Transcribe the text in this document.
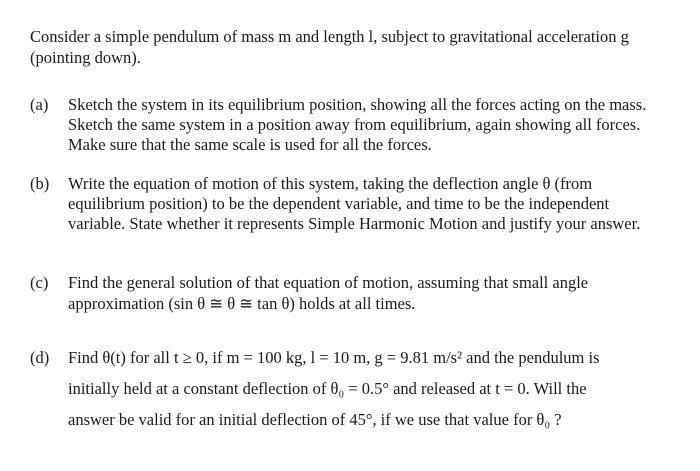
Consider a simple pendulum of mass m and length l, subject to gravitational acceleration g
(pointing down).
(a) Sketch the system in its equilibrium position, showing all the forces acting on the mass.
Sketch the same system in a position away from equilibrium, again showing all forces.
Make sure that the same scale is used for all the forces.
(b) Write the equation of motion of this system, taking the deflection angle θ (from
equilibrium position) to be the dependent variable, and time to be the independent
variable. State whether it represents Simple Harmonic Motion and justify your answer.
(c) Find the general solution of that equation of motion, assuming that small angle
approximation (sin θ ≅ θ ≅ tan θ) holds at all times.
(d) Find θ(t) for all t ≥ 0, if m = 100 kg, l = 10 m, g = 9.81 m/s² and the pendulum is
initially held at a constant deflection of θ₀ = 0.5° and released at t = 0. Will the
answer be valid for an initial deflection of 45°, if we use that value for θ₀ ?
